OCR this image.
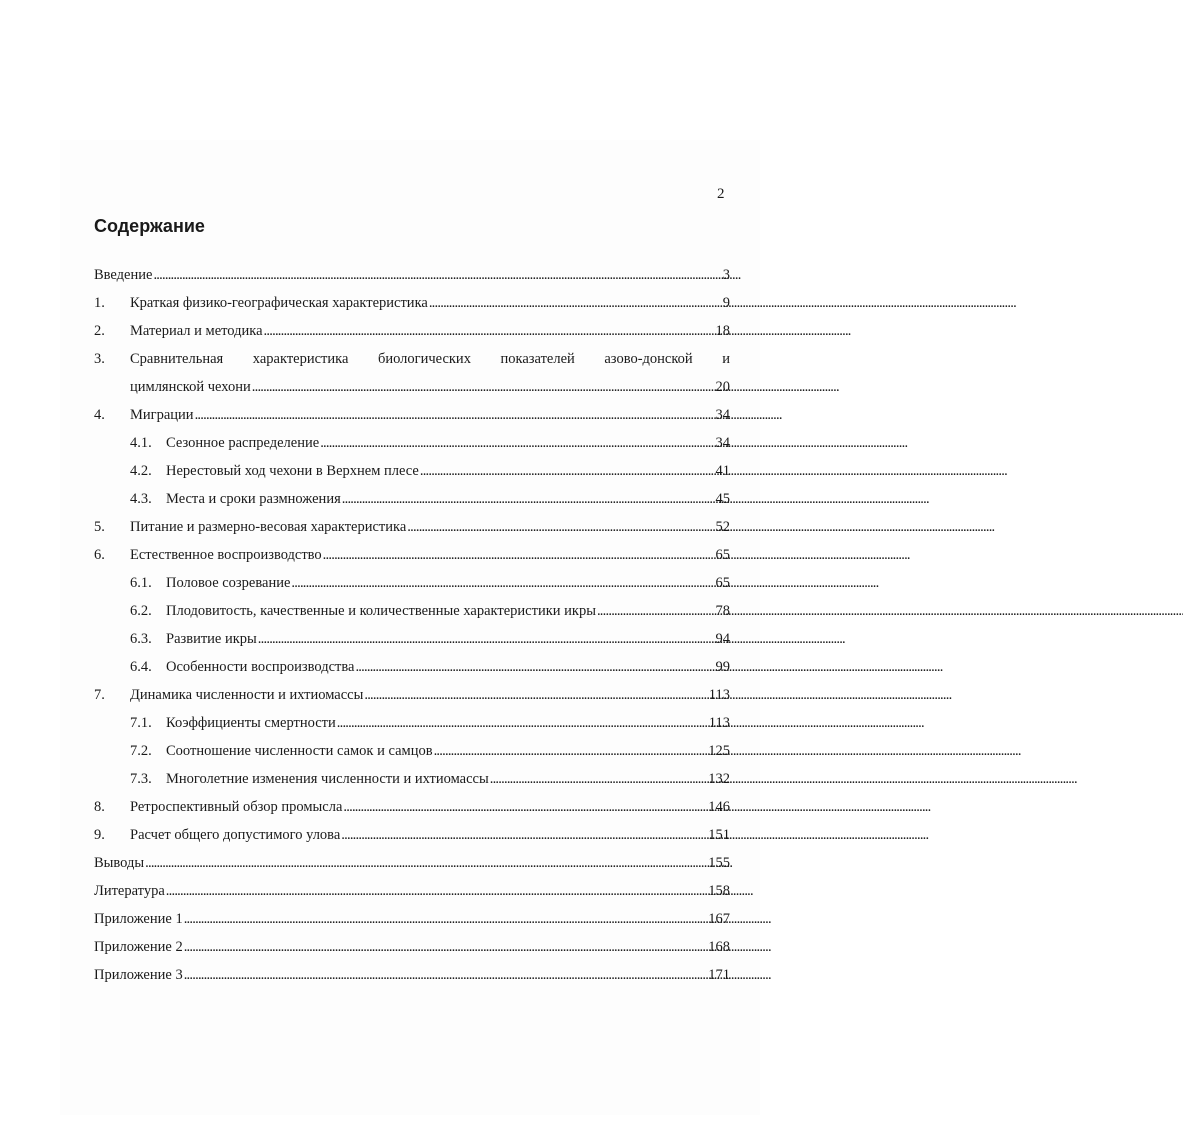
2
Содержание
Введение . . .	3
1.	Краткая физико-географическая характеристика . . .	9
2.	Материал и методика . . .	18
3.	Сравнительная характеристика биологических показателей азово-донской и
цимлянской чехони . . .	20
4.	Миграции . . .	34
4.1. Сезонное распределение . . .	34
4.2. Нерестовый ход чехони в Верхнем плесе . . .	41
4.3. Места и сроки размножения . . .	45
5.	Питание и размерно-весовая характеристика . . .	52
6.	Естественное воспроизводство . . .	65
6.1. Половое созревание . . .	65
6.2. Плодовитость, качественные и количественные характеристики икры . . .	78
6.3. Развитие икры . . .	94
6.4. Особенности воспроизводства . . .	99
7.	Динамика численности и ихтиомассы . . .	113
7.1. Коэффициенты смертности . . .	113
7.2. Соотношение численности самок и самцов . . .	125
7.3. Многолетние изменения численности и ихтиомассы . . .	132
8.	Ретроспективный обзор промысла . . .	146
9.	Расчет общего допустимого улова . . .	151
Выводы . . .	155
Литература . . .	158
Приложение 1 . . .	167
Приложение 2 . . .	168
Приложение 3 . . .	171
